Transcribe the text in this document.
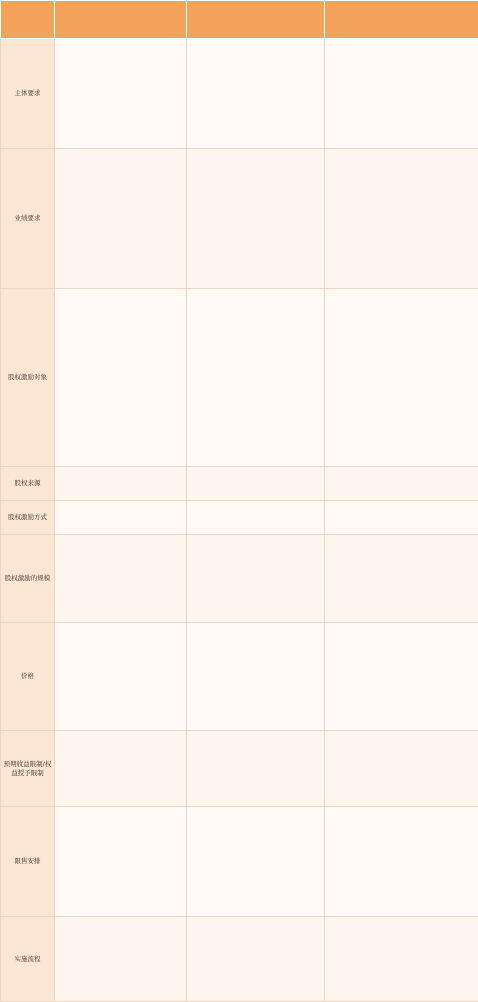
主体要求	

业绩要求	

股权激励对象	

股权来源	

股权激励方式	

股权激励的规模	

价格	

预期收益限制/权益授予限制	

限售安排	

实施流程	
